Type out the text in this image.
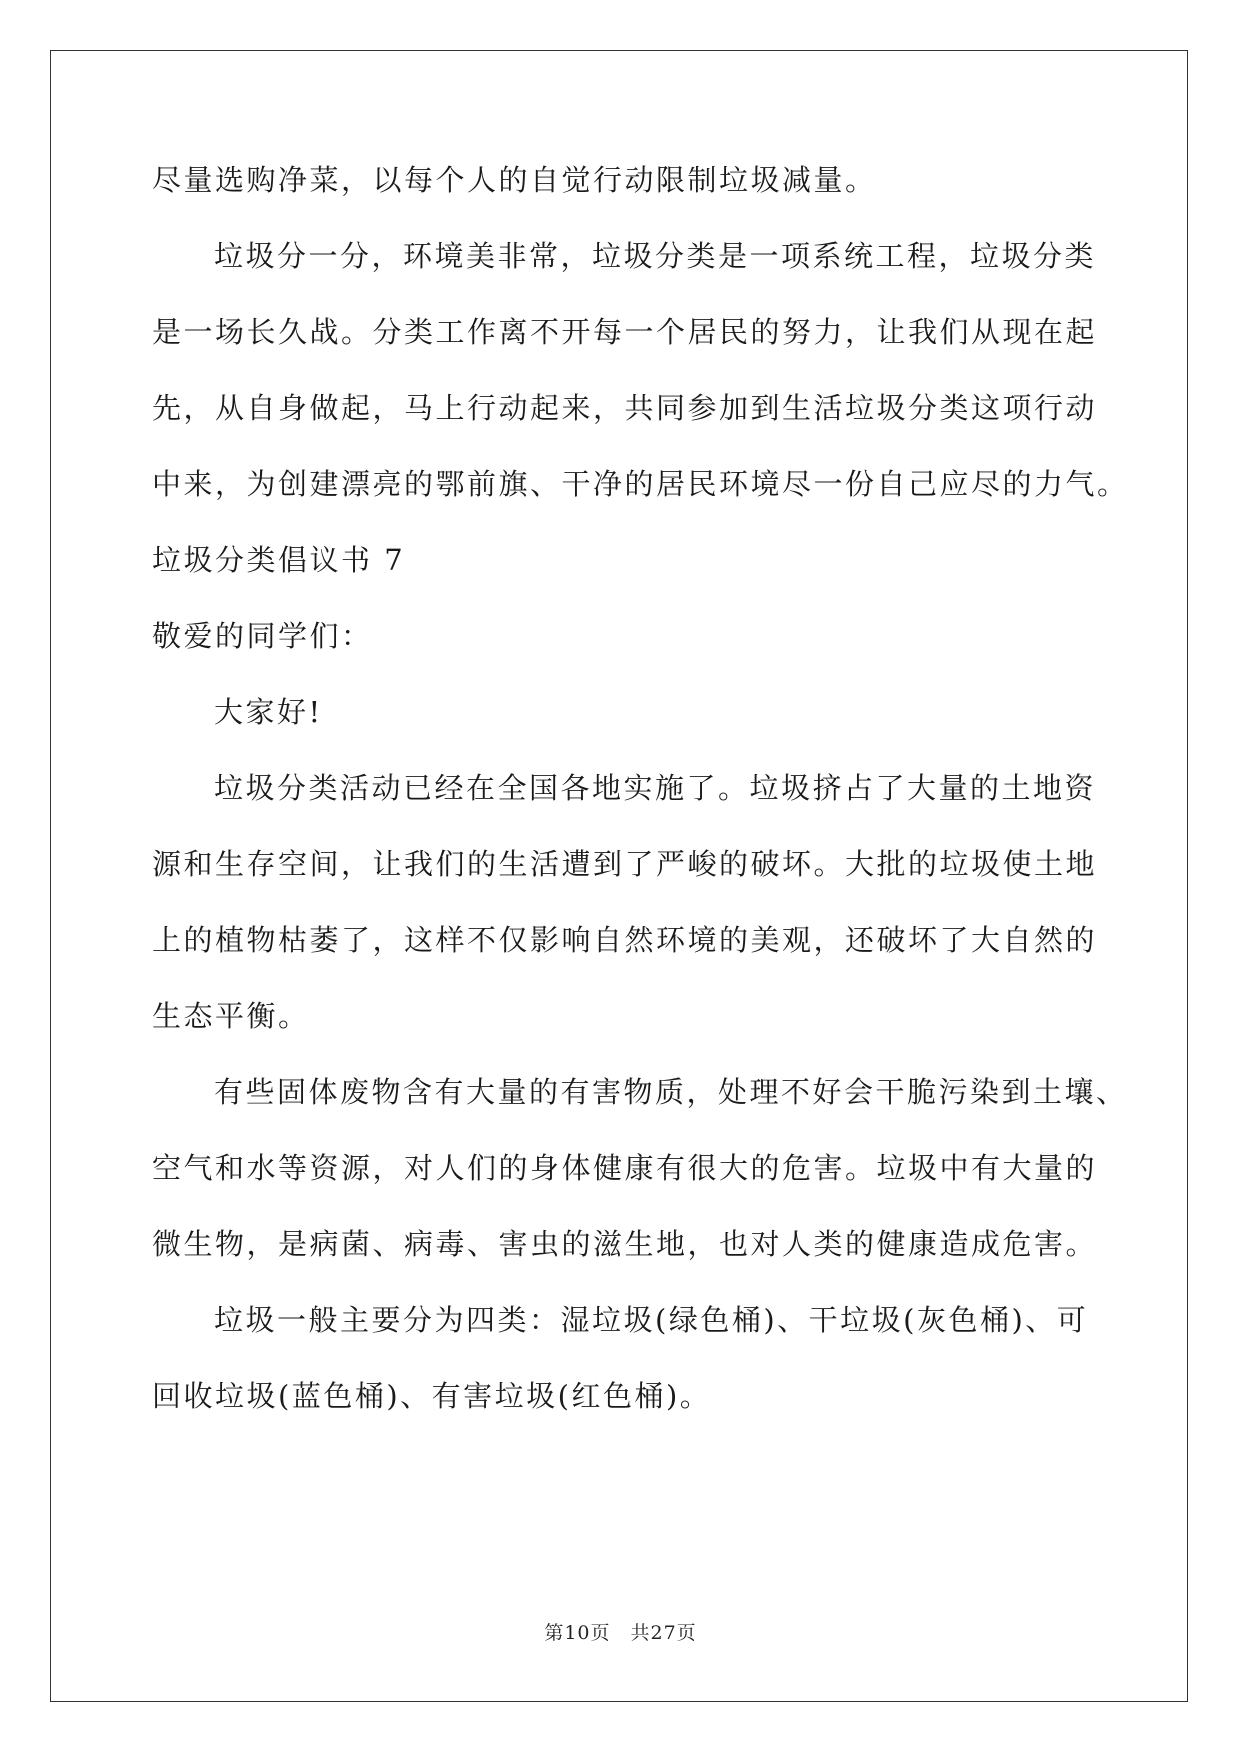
尽量选购净菜，以每个人的自觉行动限制垃圾减量。
垃圾分一分，环境美非常，垃圾分类是一项系统工程，垃圾分类
是一场长久战。分类工作离不开每一个居民的努力，让我们从现在起
先，从自身做起，马上行动起来，共同参加到生活垃圾分类这项行动
中来，为创建漂亮的鄂前旗、干净的居民环境尽一份自己应尽的力气。
垃圾分类倡议书 7
敬爱的同学们：
大家好!
垃圾分类活动已经在全国各地实施了。垃圾挤占了大量的土地资
源和生存空间，让我们的生活遭到了严峻的破坏。大批的垃圾使土地
上的植物枯萎了，这样不仅影响自然环境的美观，还破坏了大自然的
生态平衡。
有些固体废物含有大量的有害物质，处理不好会干脆污染到土壤、
空气和水等资源，对人们的身体健康有很大的危害。垃圾中有大量的
微生物，是病菌、病毒、害虫的滋生地，也对人类的健康造成危害。
垃圾一般主要分为四类：湿垃圾(绿色桶)、干垃圾(灰色桶)、可
回收垃圾(蓝色桶)、有害垃圾(红色桶)。
第10页 共27页
